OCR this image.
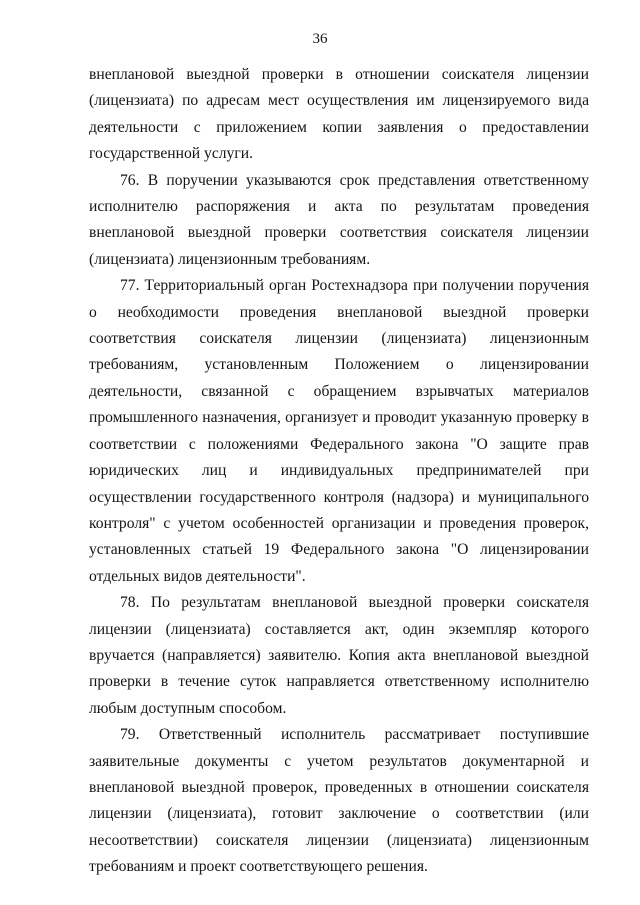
36

внеплановой выездной проверки в отношении соискателя лицензии (лицензиата) по адресам мест осуществления им лицензируемого вида деятельности с приложением копии заявления о предоставлении государственной услуги.

76. В поручении указываются срок представления ответственному исполнителю распоряжения и акта по результатам проведения внеплановой выездной проверки соответствия соискателя лицензии (лицензиата) лицензионным требованиям.

77. Территориальный орган Ростехнадзора при получении поручения о необходимости проведения внеплановой выездной проверки соответствия соискателя лицензии (лицензиата) лицензионным требованиям, установленным Положением о лицензировании деятельности, связанной с обращением взрывчатых материалов промышленного назначения, организует и проводит указанную проверку в соответствии с положениями Федерального закона "О защите прав юридических лиц и индивидуальных предпринимателей при осуществлении государственного контроля (надзора) и муниципального контроля" с учетом особенностей организации и проведения проверок, установленных статьей 19 Федерального закона "О лицензировании отдельных видов деятельности".

78. По результатам внеплановой выездной проверки соискателя лицензии (лицензиата) составляется акт, один экземпляр которого вручается (направляется) заявителю. Копия акта внеплановой выездной проверки в течение суток направляется ответственному исполнителю любым доступным способом.

79. Ответственный исполнитель рассматривает поступившие заявительные документы с учетом результатов документарной и внеплановой выездной проверок, проведенных в отношении соискателя лицензии (лицензиата), готовит заключение о соответствии (или несоответствии) соискателя лицензии (лицензиата) лицензионным требованиям и проект соответствующего решения.
